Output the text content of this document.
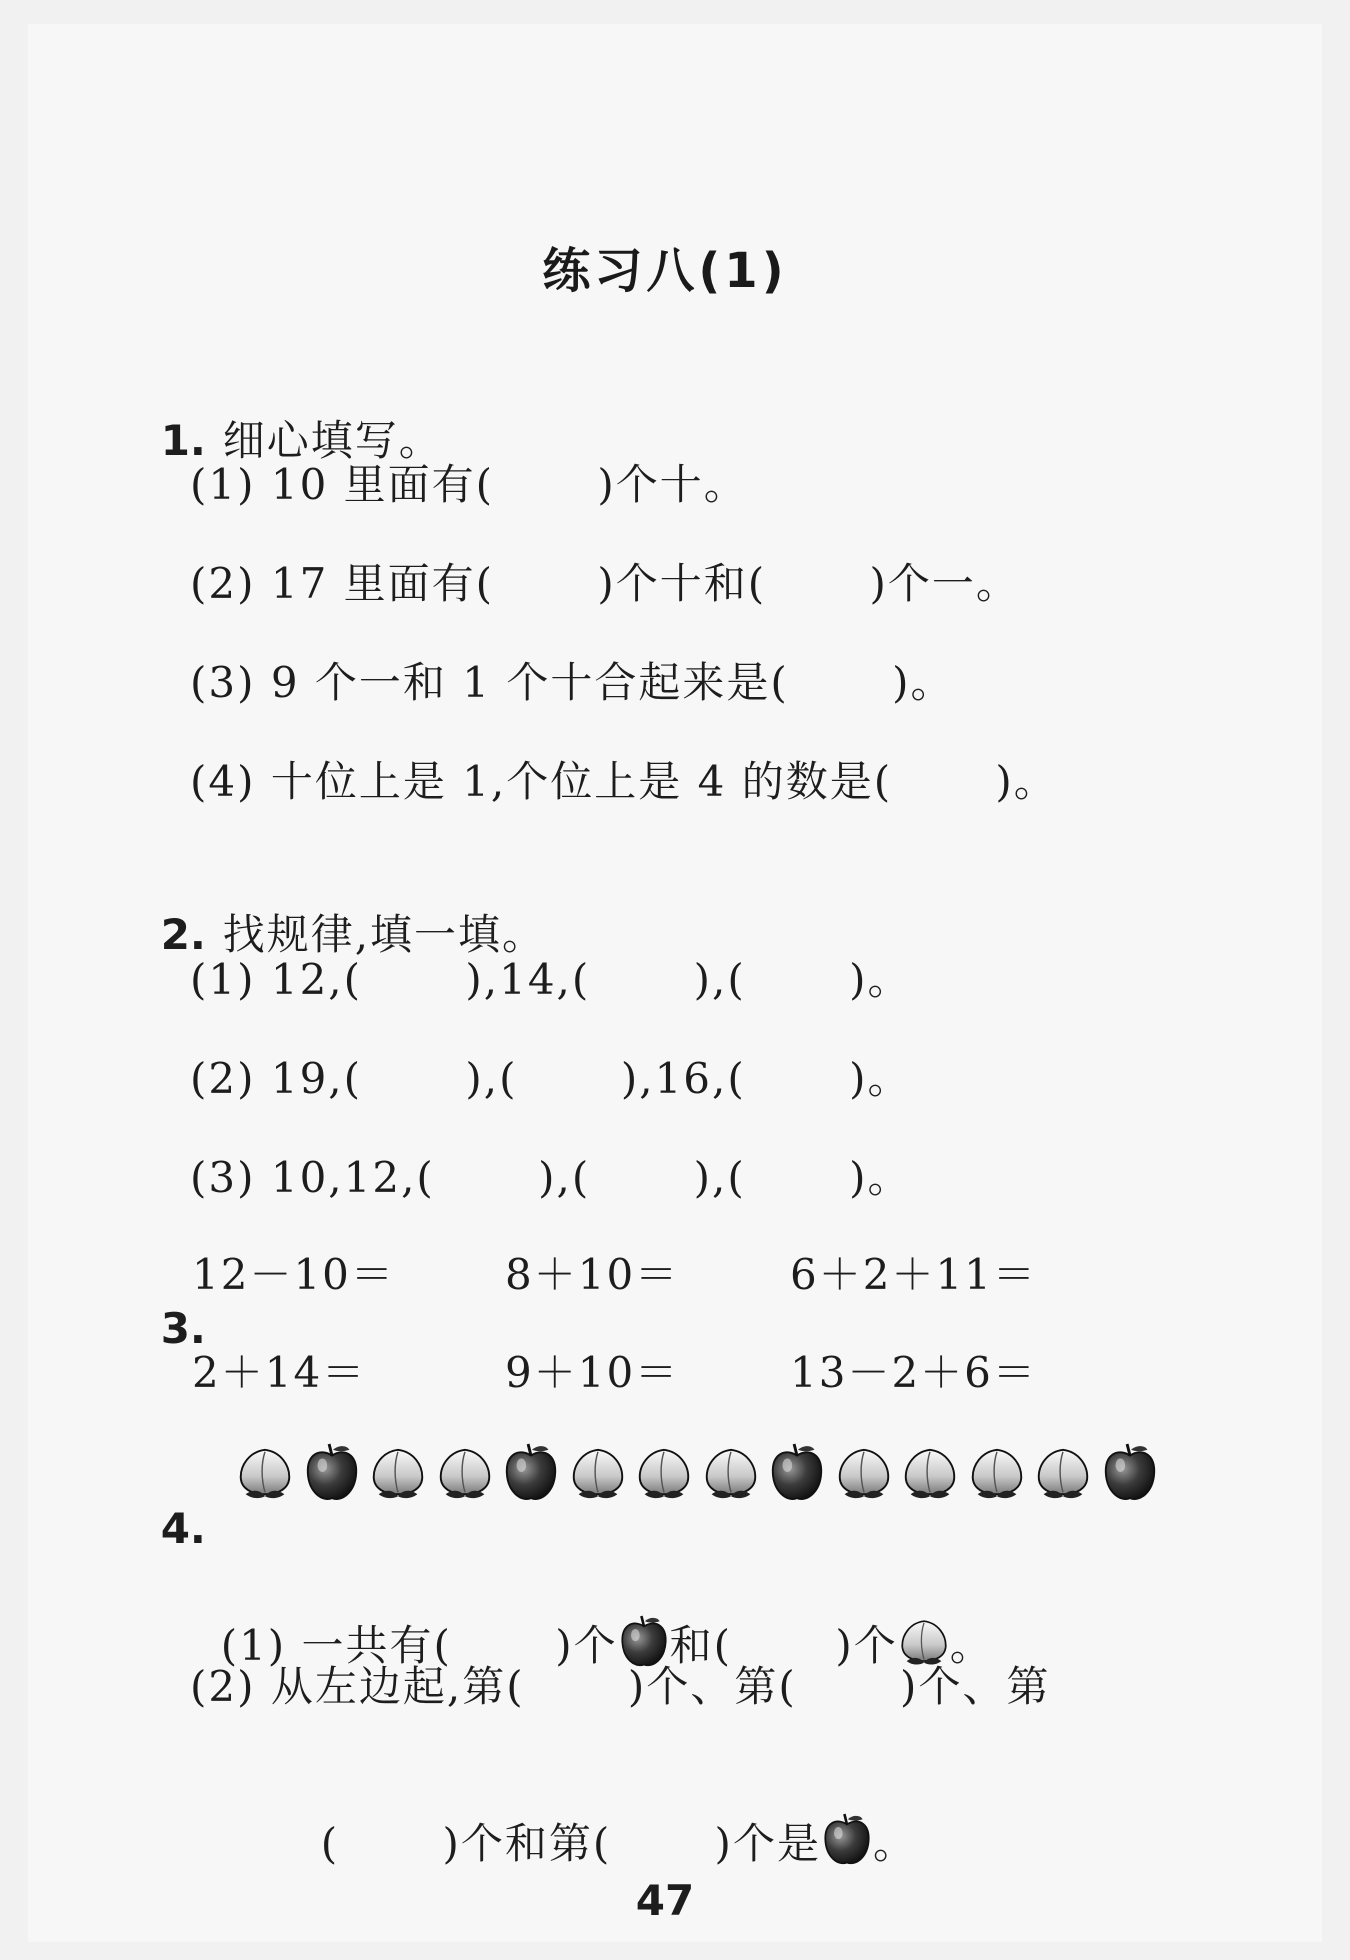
练习八(1)

1. 细心填写。

(1) 10 里面有(　　 )个十。
(2) 17 里面有(　　 )个十和(　　 )个一。
(3) 9 个一和 1 个十合起来是(　　 )。
(4) 十位上是 1,个位上是 4 的数是(　　 )。

2. 找规律,填一填。

(1) 12,(　　 ),14,(　　 ),(　　 )。
(2) 19,(　　 ),(　　 ),16,(　　 )。
(3) 10,12,(　　 ),(　　 ),(　　 )。

3.

12－10＝	8＋10＝	6＋2＋11＝
2＋14＝	9＋10＝	13－2＋6＝

4.

(1) 一共有(　　 )个 和(　　 )个 。

(2) 从左边起,第(　　 )个、第(　　 )个、第

(　　 )个和第(　　 )个是 。

47
